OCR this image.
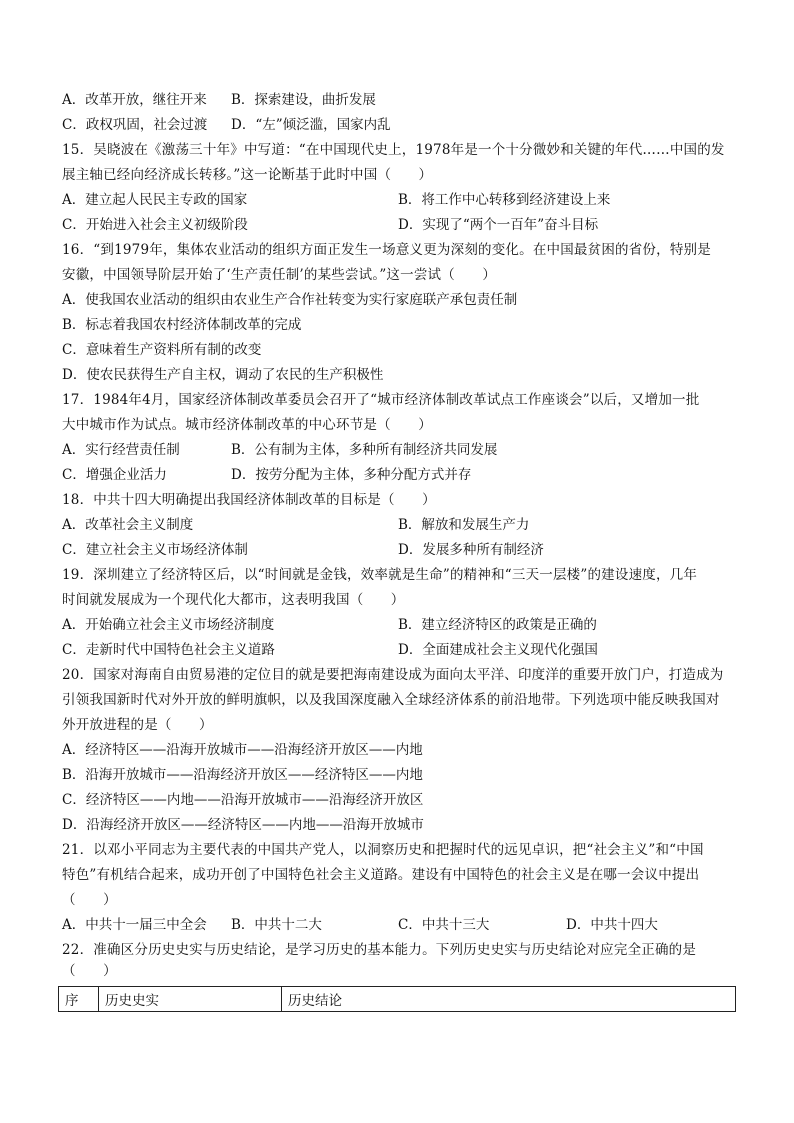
A．改革开放，继往开来 B．探索建设，曲折发展
C．政权巩固，社会过渡 D．“左”倾泛滥，国家内乱
15．吴晓波在《激荡三十年》中写道：“在中国现代史上，1978年是一个十分微妙和关键的年代……中国的发
展主轴已经向经济成长转移。”这一论断基于此时中国（　　）
A．建立起人民民主专政的国家	B．将工作中心转移到经济建设上来
C．开始进入社会主义初级阶段	D．实现了“两个一百年”奋斗目标
16．“到1979年，集体农业活动的组织方面正发生一场意义更为深刻的变化。在中国最贫困的省份，特别是
安徽，中国领导阶层开始了‘生产责任制’的某些尝试。”这一尝试（　　）
A．使我国农业活动的组织由农业生产合作社转变为实行家庭联产承包责任制
B．标志着我国农村经济体制改革的完成
C．意味着生产资料所有制的改变
D．使农民获得生产自主权，调动了农民的生产积极性
17．1984年4月，国家经济体制改革委员会召开了“城市经济体制改革试点工作座谈会”以后，又增加一批
大中城市作为试点。城市经济体制改革的中心环节是（　　）
A．实行经营责任制	B．公有制为主体，多种所有制经济共同发展
C．增强企业活力	D．按劳分配为主体，多种分配方式并存
18．中共十四大明确提出我国经济体制改革的目标是（　　）
A．改革社会主义制度	B．解放和发展生产力
C．建立社会主义市场经济体制	D．发展多种所有制经济
19．深圳建立了经济特区后，以“时间就是金钱，效率就是生命”的精神和“三天一层楼”的建设速度，几年
时间就发展成为一个现代化大都市，这表明我国（　　）
A．开始确立社会主义市场经济制度	B．建立经济特区的政策是正确的
C．走新时代中国特色社会主义道路	D．全面建成社会主义现代化强国
20．国家对海南自由贸易港的定位目的就是要把海南建设成为面向太平洋、印度洋的重要开放门户，打造成为
引领我国新时代对外开放的鲜明旗帜，以及我国深度融入全球经济体系的前沿地带。下列选项中能反映我国对
外开放进程的是（　　）
A．经济特区——沿海开放城市——沿海经济开放区——内地
B．沿海开放城市——沿海经济开放区——经济特区——内地
C．经济特区——内地——沿海开放城市——沿海经济开放区
D．沿海经济开放区——经济特区——内地——沿海开放城市
21．以邓小平同志为主要代表的中国共产党人，以洞察历史和把握时代的远见卓识，把“社会主义”和“中国
特色”有机结合起来，成功开创了中国特色社会主义道路。建设有中国特色的社会主义是在哪一会议中提出
（　　）
A．中共十一届三中全会 B．中共十二大	C．中共十三大	D．中共十四大
22．准确区分历史史实与历史结论，是学习历史的基本能力。下列历史史实与历史结论对应完全正确的是
（　　）
序	历史史实	历史结论
